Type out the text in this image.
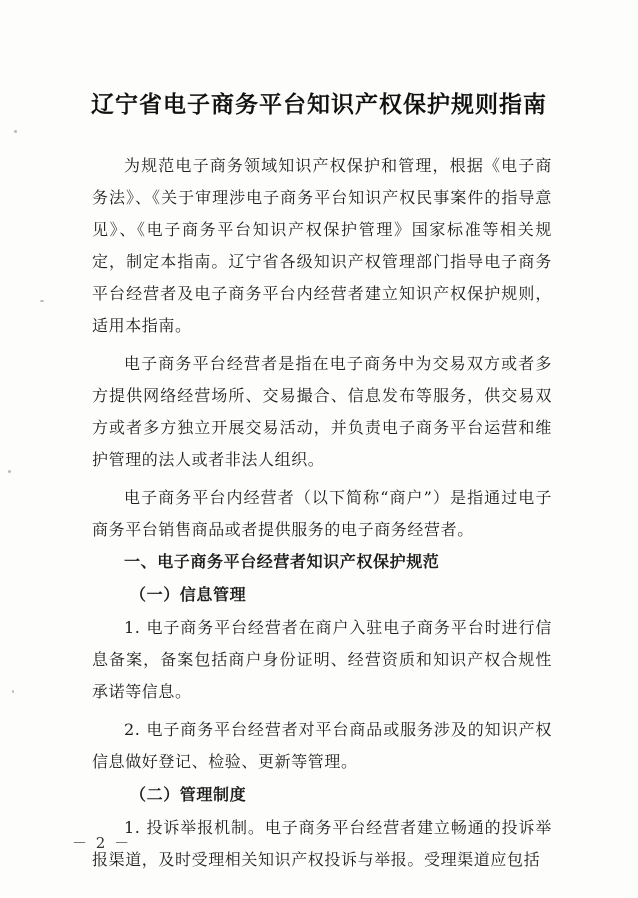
辽宁省电子商务平台知识产权保护规则指南

为规范电子商务领域知识产权保护和管理，根据《电子商务法》、《关于审理涉电子商务平台知识产权民事案件的指导意见》、《电子商务平台知识产权保护管理》国家标准等相关规定，制定本指南。辽宁省各级知识产权管理部门指导电子商务平台经营者及电子商务平台内经营者建立知识产权保护规则，适用本指南。

电子商务平台经营者是指在电子商务中为交易双方或者多方提供网络经营场所、交易撮合、信息发布等服务，供交易双方或者多方独立开展交易活动，并负责电子商务平台运营和维护管理的法人或者非法人组织。

电子商务平台内经营者（以下简称“商户”）是指通过电子商务平台销售商品或者提供服务的电子商务经营者。

一、电子商务平台经营者知识产权保护规范

（一）信息管理

1. 电子商务平台经营者在商户入驻电子商务平台时进行信息备案，备案包括商户身份证明、经营资质和知识产权合规性承诺等信息。

2. 电子商务平台经营者对平台商品或服务涉及的知识产权信息做好登记、检验、更新等管理。

（二）管理制度

1. 投诉举报机制。电子商务平台经营者建立畅通的投诉举报渠道，及时受理相关知识产权投诉与举报。受理渠道应包括

－ 2 －
